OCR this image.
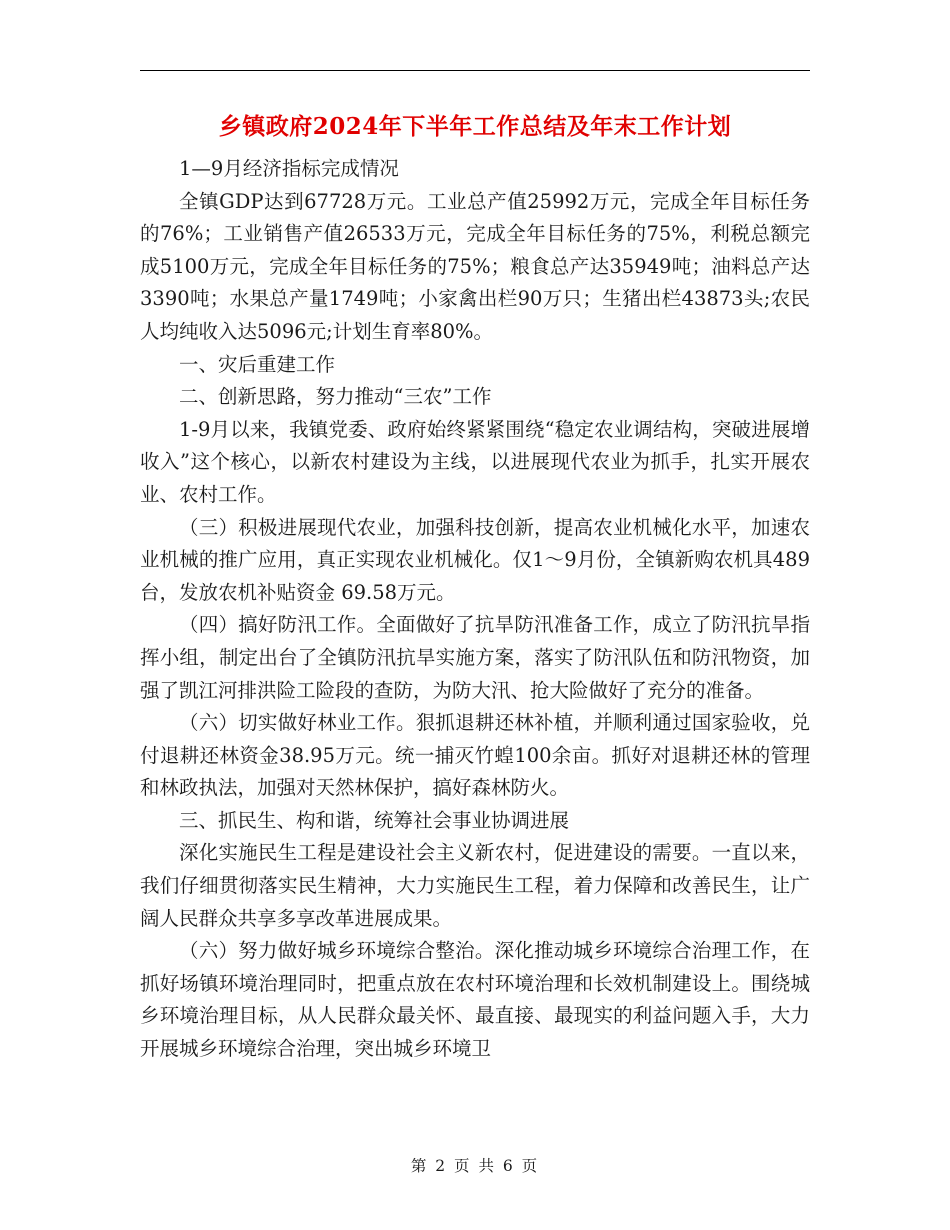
乡镇政府2024年下半年工作总结及年末工作计划

1—9月经济指标完成情况

全镇GDP达到67728万元。工业总产值25992万元，完成全年目标任务的76%；工业销售产值26533万元，完成全年目标任务的75%，利税总额完成5100万元，完成全年目标任务的75%；粮食总产达35949吨；油料总产达3390吨；水果总产量1749吨；小家禽出栏90万只；生猪出栏43873头;农民人均纯收入达5096元;计划生育率80%。

一、灾后重建工作

二、创新思路，努力推动“三农”工作

1-9月以来，我镇党委、政府始终紧紧围绕“稳定农业调结构，突破进展增收入”这个核心，以新农村建设为主线，以进展现代农业为抓手，扎实开展农业、农村工作。

（三）积极进展现代农业，加强科技创新，提高农业机械化水平，加速农业机械的推广应用，真正实现农业机械化。仅1～9月份，全镇新购农机具489台，发放农机补贴资金 69.58万元。

（四）搞好防汛工作。全面做好了抗旱防汛准备工作，成立了防汛抗旱指挥小组，制定出台了全镇防汛抗旱实施方案，落实了防汛队伍和防汛物资，加强了凯江河排洪险工险段的查防，为防大汛、抢大险做好了充分的准备。

（六）切实做好林业工作。狠抓退耕还林补植，并顺利通过国家验收，兑付退耕还林资金38.95万元。统一捕灭竹蝗100余亩。抓好对退耕还林的管理和林政执法，加强对天然林保护，搞好森林防火。

三、抓民生、构和谐，统筹社会事业协调进展

深化实施民生工程是建设社会主义新农村，促进建设的需要。一直以来，我们仔细贯彻落实民生精神，大力实施民生工程，着力保障和改善民生，让广阔人民群众共享多享改革进展成果。

（六）努力做好城乡环境综合整治。深化推动城乡环境综合治理工作，在抓好场镇环境治理同时，把重点放在农村环境治理和长效机制建设上。围绕城乡环境治理目标，从人民群众最关怀、最直接、最现实的利益问题入手，大力开展城乡环境综合治理，突出城乡环境卫

第 2 页 共 6 页
